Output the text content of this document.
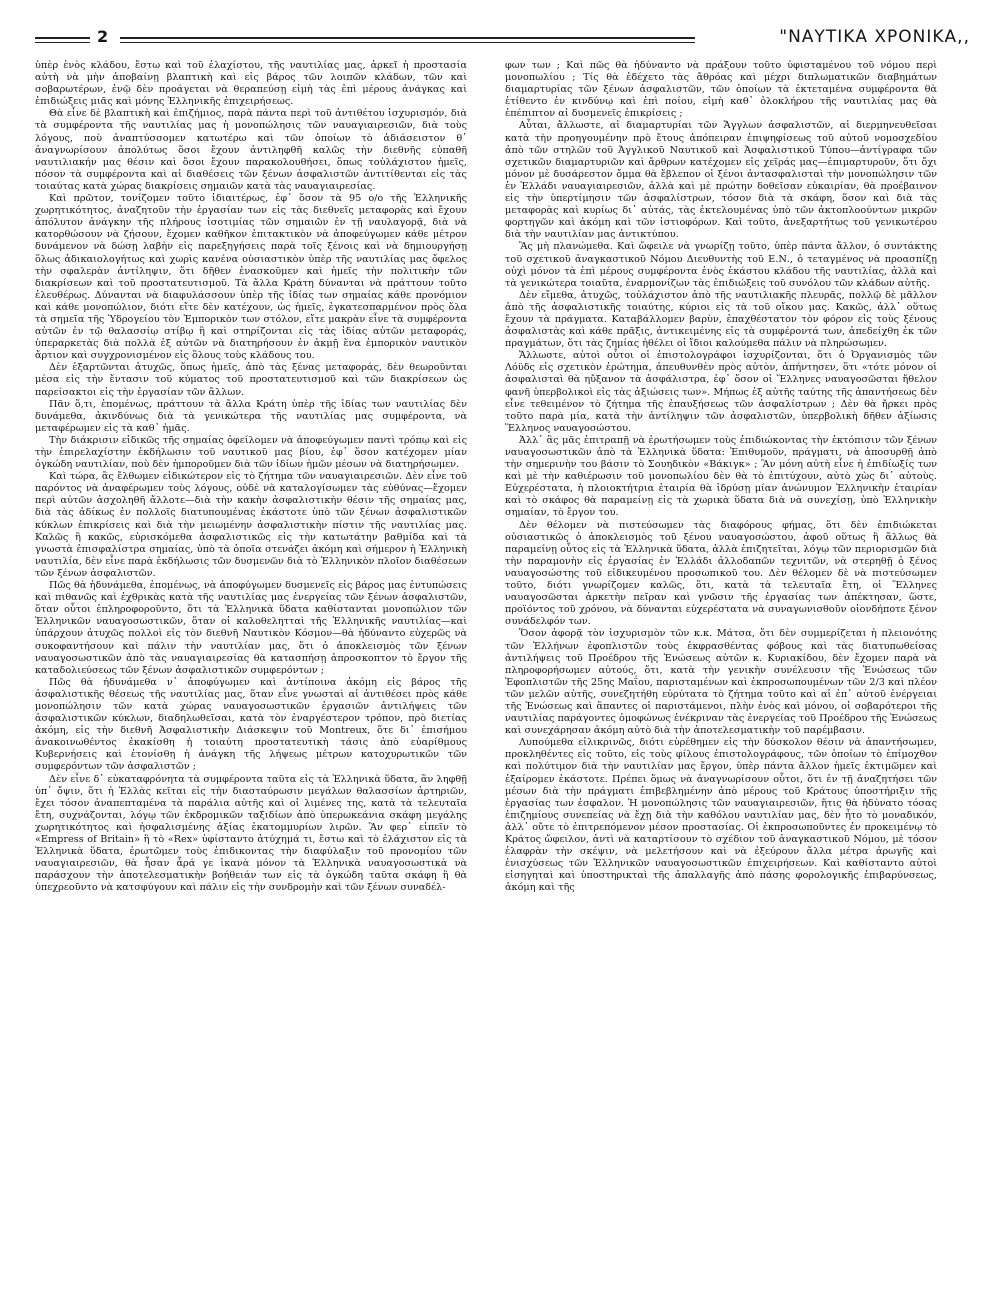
2	"ΝΑΥΤΙΚΑ ΧΡΟΝΙΚΑ,,

ὑπὲρ ἑνὸς κλάδου, ἔστω καὶ τοῦ ἐλαχίστου, τῆς ναυτιλίας μας, ἀρκεῖ ἡ προστασία αὐτὴ νὰ μὴν ἀποβαίνῃ βλαπτικὴ καὶ εἰς βάρος τῶν λοιπῶν κλάδων, τῶν καὶ σοβαρωτέρων, ἐνῷ δὲν προάγεται νὰ θεραπεύσῃ εἰμὴ τὰς ἐπὶ μέρους ἀνάγκας καὶ ἐπιδιώξεις μιᾶς καὶ μόνης Ἑλληνικῆς ἐπιχειρήσεως.

Θὰ εἶνε δὲ βλαπτικὴ καὶ ἐπιζήμιος, παρὰ πάντα περὶ τοῦ ἀντιθέτου ἰσχυρισμόν, διὰ τὰ συμφέροντα τῆς ναυτιλίας μας ἡ μονοπώλησις τῶν ναυαγιαιρεσιῶν, διὰ τοὺς λόγους, ποὺ ἀναπτύσσομεν κατωτέρω καὶ τῶν ὁποίων τὸ ἀδιάσειστον θ᾽ ἀναγνωρίσουν ἀπολύτως ὅσοι ἔχουν ἀντιληφθῆ καλῶς τὴν διεθνῆς εὐπαθῆ ναυτιλιακήν μας θέσιν καὶ ὅσοι ἔχουν παρακολουθήσει, ὅπως τοὐλάχιστον ἡμεῖς, πόσον τὰ συμφέροντα καὶ αἱ διαθέσεις τῶν ξένων ἀσφαλιστῶν ἀντιτίθενται εἰς τὰς τοιαύτας κατὰ χώρας διακρίσεις σημαιῶν κατὰ τὰς ναυαγιαιρεσίας.

Καὶ πρῶτον, τονίζομεν τοῦτο ἰδιαιτέρως, ἐφ᾽ ὅσον τὰ 95 ο/ο τῆς Ἑλληνικῆς χωρητικότητος, ἀναζητοῦν τὴν ἐργασίαν των εἰς τὰς διεθνεῖς μεταφορὰς καὶ ἔχουν ἀπόλυτον ἀνάγκην τῆς πλήρους ἰσοτιμίας τῶν σημαιῶν ἐν τῇ ναυλαγορᾷ, διὰ νὰ κατορθώσουν νὰ ζήσουν, ἔχομεν καθῆκον ἐπιτακτικὸν νὰ ἀποφεύγωμεν κάθε μέτρον δυνάμενον νὰ δώσῃ λαβὴν εἰς παρεξηγήσεις παρὰ τοῖς ξένοις καὶ νὰ δημιουργήσῃ ὅλως ἀδικαιολογήτως καὶ χωρὶς κανένα οὐσιαστικὸν ὑπὲρ τῆς ναυτιλίας μας ὄφελος τὴν σφαλερὰν ἀντίληψιν, ὅτι δῆθεν ἐνασκοῦμεν καὶ ἡμεῖς τὴν πολιτικὴν τῶν διακρίσεων καὶ τοῦ προστατευτισμοῦ. Τὰ ἄλλα Κράτη δύνανται νὰ πράττουν τοῦτο ἐλευθέρως. Δύνανται νὰ διαφυλάσσουν ὑπὲρ τῆς ἰδίας των σημαίας κάθε προνόμιον καὶ κάθε μονοπώλιον, διότι εἴτε δὲν κατέχουν, ὡς ἡμεῖς, ἐγκατεσπαρμένον πρὸς ὅλα τὰ σημεῖα τῆς Ὑδρογείου τὸν Ἐμπορικὸν των στόλον, εἴτε μακρὰν εἶνε τὰ συμφέροντα αὐτῶν ἐν τῷ θαλασσίῳ στίβῳ ἢ καὶ στηρίζονται εἰς τὰς ἰδίας αὐτῶν μεταφοράς, ὑπεραρκετὰς διὰ πολλὰ ἐξ αὐτῶν νὰ διατηρήσουν ἐν ἀκμῇ ἕνα ἐμπορικὸν ναυτικὸν ἄρτιον καὶ συγχρονισμένον εἰς ὅλους τοὺς κλάδους του.

Δὲν ἐξαρτῶνται ἀτυχῶς, ὅπως ἡμεῖς, ἀπὸ τὰς ξένας μεταφοράς, δὲν θεωροῦνται μέσα εἰς τὴν ἔντασιν τοῦ κύματος τοῦ προστατευτισμοῦ καὶ τῶν διακρίσεων ὡς παρείσακτοι εἰς τὴν ἐργασίαν τῶν ἄλλων.

Πᾶν ὅ,τι, ἑπομένως, πράττουν τὰ ἄλλα Κράτη ὑπὲρ τῆς ἰδίας των ναυτιλίας δὲν δυνάμεθα, ἀκινδύνως διὰ τὰ γενικώτερα τῆς ναυτιλίας μας συμφέροντα, νὰ μεταφέρωμεν εἰς τὰ καθ᾽ ἡμᾶς.

Τὴν διάκρισιν εἰδικῶς τῆς σημαίας ὀφείλομεν νὰ ἀποφεύγωμεν παντὶ τρόπῳ καὶ εἰς τὴν ἐπιρελαχίστην ἐκδήλωσιν τοῦ ναυτικοῦ μας βίου, ἐφ᾽ ὅσον κατέχομεν μίαν ὀγκώδη ναυτιλίαν, ποὺ δὲν ἠμποροῦμεν διὰ τῶν ἰδίων ἡμῶν μέσων νὰ διατηρήσωμεν.

Καὶ τώρα, ἂς ἔλθωμεν εἰδικώτερον εἰς τὸ ζήτημα τῶν ναυαγιαιρεσιῶν. Δὲν εἶνε τοῦ παρόντος νὰ ἀναφέρωμεν τοὺς λόγους, οὐδὲ νὰ καταλογίσωμεν τὰς εὐθύνας—ἔχομεν περὶ αὐτῶν ἀσχοληθῆ ἄλλοτε—διὰ τὴν κακὴν ἀσφαλιστικὴν θέσιν τῆς σημαίας μας, διὰ τὰς ἀδίκως ἐν πολλοῖς διατυπουμένας ἑκάστοτε ὑπὸ τῶν ξένων ἀσφαλιστικῶν κύκλων ἐπικρίσεις καὶ διὰ τὴν μειωμένην ἀσφαλιστικὴν πίστιν τῆς ναυτιλίας μας. Καλῶς ἢ κακῶς, εὑρισκόμεθα ἀσφαλιστικῶς εἰς τὴν κατωτάτην βαθμίδα καὶ τὰ γνωστὰ ἐπισφαλίστρα σημαίας, ὑπὸ τὰ ὁποῖα στενάζει ἀκόμη καὶ σήμερον ἡ Ἑλληνικὴ ναυτιλία, δὲν εἶνε παρὰ ἐκδήλωσις τῶν δυσμενῶν διὰ τὸ Ἑλληνικὸν πλοῖον διαθέσεων τῶν ξένων ἀσφαλιστῶν.

Πῶς θὰ ἠδυνάμεθα, ἑπομένως, νὰ ἀποφύγωμεν δυσμενεῖς εἰς βάρος μας ἐντυπώσεις καὶ πιθανῶς καὶ ἐχθρικὰς κατὰ τῆς ναυτιλίας μας ἐνεργείας τῶν ξένων ἀσφαλιστῶν, ὅταν οὗτοι ἐπληροφοροῦντο, ὅτι τὰ Ἑλληνικὰ ὕδατα καθίστανται μονοπώλιον τῶν Ἑλληνικῶν ναυαγοσωστικῶν, ὅταν οἱ καλοθελητταὶ τῆς Ἑλληνικῆς ναυτιλίας—καὶ ὑπάρχουν ἀτυχῶς πολλοὶ εἰς τὸν διεθνῆ Ναυτικὸν Κόσμον—θὰ ἠδύναντο εὐχερῶς νὰ συκοφαντήσουν καὶ πάλιν τὴν ναυτιλίαν μας, ὅτι ὁ ἀποκλεισμὸς τῶν ξένων ναυαγοσωστικῶν ἀπὸ τὰς ναυαγιαιρεσίας θὰ κατασπήσῃ ἀπροσκοπτον τὸ ἔργον τῆς καταδολιεύσεως τῶν ξένων ἀσφαλιστικῶν συμφερόντων ;

Πῶς θὰ ἠδυνάμεθα ν᾽ ἀποφύγωμεν καὶ ἀντίποινα ἀκόμη εἰς βάρος τῆς ἀσφαλιστικῆς θέσεως τῆς ναυτιλίας μας, ὅταν εἶνε γνωσταὶ αἱ ἀντιθέσει πρὸς κάθε μονοπώλησιν τῶν κατὰ χώρας ναυαγοσωστικῶν ἐργασιῶν ἀντιλήψεις τῶν ἀσφαλιστικῶν κύκλων, διαδηλωθεῖσαι, κατὰ τὸν ἐναργέστερον τρόπον, πρὸ διετίας ἀκόμη, εἰς τὴν διεθνῆ Ἀσφαλιστικὴν Διάσκεψιν τοῦ Montreux, ὅτε δι᾽ ἐπισήμου ἀνακοινωθέντος ἐκακίσθη ἡ τοιαύτη προστατευτικὴ τάσις ἀπὸ εὐαρίθμους Κυβερνήσεις καὶ ἐτονίσθη ἡ ἀνάγκη τῆς λήψεως μέτρων κατοχυρωτικῶν τῶν συμφερόντων τῶν ἀσφαλιστῶν ;

Δὲν εἶνε δ᾽ εὐκαταφρόνητα τὰ συμφέροντα ταῦτα εἰς τὰ Ἑλληνικὰ ὕδατα, ἂν ληφθῇ ὑπ᾽ ὄψιν, ὅτι ἡ Ἑλλὰς κεῖται εἰς τὴν διασταύρωσιν μεγάλων θαλασσίων ἀρτηριῶν, ἔχει τόσον ἀναπεπταμένα τὰ παράλια αὐτῆς καὶ οἱ λιμένες της, κατὰ τὰ τελευταῖα ἔτη, συχνάζονται, λόγῳ τῶν ἐκδρομικῶν ταξιδίων ἀπὸ ὑπερωκεάνια σκάφη μεγάλης χωρητικότητος καὶ ἠσφαλισμένης ἀξίας ἑκατομμυρίων λιρῶν. Ἂν φερ᾽ εἰπεῖν τὸ «Empress of Britain» ἢ τὸ «Rex» ὑφίσταντο ἀτύχημά τι, ἔστω καὶ τὸ ἐλάχιστον εἰς τὰ Ἑλληνικὰ ὕδατα, ἐρωτῶμεν τοὺς ἐπιδικοντας τὴν διαφύλαξιν τοῦ προνομίου τῶν ναυαγιαιρεσιῶν, θὰ ἦσαν ἆρά γε ἱκανὰ μόνον τὰ Ἑλληνικὰ ναυαγοσωστικὰ νὰ παράσχουν τὴν ἀποτελεσματικὴν βοήθειάν των εἰς τὰ ὀγκώδη ταῦτα σκάφη ἢ θὰ ὑπεχρεοῦντο νὰ κατσφύγουν καὶ πάλιν εἰς τὴν συνδρομὴν καὶ τῶν ξένων συναδέλ-

φων των ; Καὶ πῶς θὰ ἠδύναντο νὰ πράξουν τοῦτο ὑφισταμένου τοῦ νόμου περὶ μονοπωλίου ; Τίς θὰ ἐδέχετο τὰς ἄθρόας καὶ μέχρι διπλωματικῶν διαβημάτων διαμαρτυρίας τῶν ξένων ἀσφαλιστῶν, τῶν ὁποίων τὰ ἐκτεταμένα συμφέροντα θὰ ἐτίθεντο ἐν κινδύνῳ καὶ ἐπὶ ποίου, εἰμὴ καθ᾽ ὁλοκλήρου τῆς ναυτιλίας μας θὰ ἐπέπιπτον αἱ δυσμενεῖς ἐπικρίσεις ;

Αὗται, ἄλλωστε, αἱ διαμαρτυρίαι τῶν Ἄγγλων ἀσφαλιστῶν, αἱ διερμηνευθεῖσαι κατὰ τὴν προηγουμένην πρὸ ἔτους ἀπόπειραν ἐπιψηφίσεως τοῦ αὐτοῦ νομοσχεδίου ἀπὸ τῶν στηλῶν τοῦ Ἀγγλικοῦ Ναυτικοῦ καὶ Ἀσφαλιστικοῦ Τύπου—ἀντίγραφα τῶν σχετικῶν διαμαρτυριῶν καὶ ἄρθρων κατέχομεν εἰς χεῖράς μας—ἐπιμαρτυροῦν, ὅτι ὄχι μόνον μὲ δυσάρεστον ὄμμα θὰ ἔβλεπον οἱ ξένοι ἀντασφαλισταὶ τὴν μονοπώλησιν τῶν ἐν Ἑλλάδι ναυαγιαιρεσιῶν, ἀλλὰ καὶ μὲ πρώτην δοθεῖσαν εὐκαιρίαν, θὰ προέβαινον εἰς τὴν ὑπερτίμησιν τῶν ἀσφαλίστρων, τόσον διὰ τὰ σκάφη, ὅσον καὶ διὰ τὰς μεταφορὰς καὶ κυρίως δι᾽ αὐτάς, τὰς ἐκτελουμένας ὑπὸ τῶν ἀκτοπλοούντων μικρῶν φορτηγῶν καὶ ἀκόμη καὶ τῶν ἱστιοφόρων. Καὶ τοῦτο, ἀνεξαρτήτως τοῦ γενικωτέρου διὰ τὴν ναυτιλίαν μας ἀντικτύπου.

Ἂς μὴ πλανώμεθα. Καὶ ὤφειλε νὰ γνωρίζῃ τοῦτο, ὑπὲρ πάντα ἄλλον, ὁ συντάκτης τοῦ σχετικοῦ ἀναγκαστικοῦ Νόμου Διευθυντὴς τοῦ Ε.Ν., ὁ τεταγμένος νὰ προασπίζῃ οὐχὶ μόνον τὰ ἐπὶ μέρους συμφέροντα ἑνὸς ἑκάστου κλάδου τῆς ναυτιλίας, ἀλλὰ καὶ τὰ γενικώτερα τοιαῦτα, ἐναρμονίζων τὰς ἐπιδιώξεις τοῦ συνόλου τῶν κλάδων αὐτῆς.

Δὲν εἴμεθα, ἀτυχῶς, τοὐλάχιστον ἀπὸ τῆς ναυτιλιακῆς πλευρᾶς, πολλῷ δὲ μᾶλλον ἀπὸ τῆς ἀσφαλιστικῆς τοιαύτης, κύριοι εἰς τὰ τοῦ οἴκου μας. Κακῶς, ἀλλ᾽ οὕτως ἔχουν τὰ πράγματα. Καταβάλλομεν βαρὺν, ἐπαχθέστατον τὸν φόρον εἰς τοὺς ξένους ἀσφαλιστὰς καὶ κάθε πρᾶξις, ἀντικειμένης εἰς τὰ συμφέροντά των, ἀπεδείχθη ἐκ τῶν πραγμάτων, ὅτι τὰς ζημίας ἠθέλει οἱ ἴδιοι καλούμεθα πάλιν νὰ πληρώσωμεν.

Ἄλλωστε, αὐτοὶ οὗτοι οἱ ἐπιστολογράφοι ἰσχυρίζονται, ὅτι ὁ Ὀργανισμὸς τῶν Λόϋδς εἰς σχετικὸν ἐρώτημα, ἀπευθυνθὲν πρὸς αὐτὸν, ἀπήντησεν, ὅτι «τότε μόνον οἱ ἀσφαλισταὶ θὰ ηὔξανον τὰ ἀσφάλιστρα, ἐφ᾽ ὅσον οἱ Ἕλληνες ναυαγοσῶσται ἤθελον φανῆ ὑπερβολικοὶ εἰς τὰς ἀξιώσεις των». Μήπως ἐξ αὐτῆς ταύτης τῆς ἀπαντήσεως δὲν εἶνε τεθειμένον τὸ ζήτημα τῆς ἐπαυξήσεως τῶν ἀσφαλίστρων ; Δὲν θὰ ἤρκει πρὸς τοῦτο παρὰ μία, κατὰ τὴν ἀντίληψιν τῶν ἀσφαλιστῶν, ὑπερβολικὴ δῆθεν ἀξίωσις Ἕλληνος ναυαγοσώστου.

Ἀλλ᾽ ἂς μᾶς ἐπιτραπῇ νὰ ἐρωτήσωμεν τοὺς ἐπιδιώκοντας τὴν ἐκτόπισιν τῶν ξένων ναυαγοσωστικῶν ἀπὸ τὰ Ἑλληνικὰ ὕδατα: Ἐπιθυμοῦν, πράγματι, νὰ ἀποσυρθῇ ἀπὸ τὴν σημερινὴν του βάσιν τὸ Σουηδικὸν «Βάκιγκ» ; Ἂν μόνη αὐτὴ εἶνε ἡ ἐπιδίωξίς των καὶ μὲ τὴν καθιέρωσιν τοῦ μονοπωλίου δὲν θὰ τὸ ἐπιτύχουν, αὐτὸ χὼς δι᾽ αὐτοὺς. Εὐχερέστατα, ἡ πλοιοκτήτρια ἑταιρία θὰ ἱδρύσῃ μίαν ἀνώνυμον Ἑλληνικὴν ἑταιρίαν καὶ τὸ σκάφος θὰ παραμείνῃ εἰς τὰ χωρικὰ ὕδατα διὰ νὰ συνεχίσῃ, ὑπὸ Ἑλληνικὴν σημαίαν, τὸ ἔργον του.

Δὲν θέλομεν νὰ πιστεύσωμεν τὰς διαφόρους φήμας, ὅτι δὲν ἐπιδιώκεται οὐσιαστικῶς ὁ ἀποκλεισμὸς τοῦ ξένου ναυαγοσώστου, ἀφοῦ οὕτως ἢ ἄλλως θὰ παραμείνῃ οὗτος εἰς τὰ Ἑλληνικὰ ὕδατα, ἀλλὰ ἐπιζητεῖται, λόγῳ τῶν περιορισμῶν διὰ τὴν παραμονὴν εἰς ἐργασίας ἐν Ἑλλάδι ἀλλοδαπῶν τεχνιτῶν, νὰ στερηθῇ ὁ ξένος ναυαγοσώστης τοῦ εἰδικευμένου προσωπικοῦ του. Δὲν θέλομεν δὲ νὰ πιστεύσωμεν τοῦτο, διότι γνωρίζομεν καλῶς, ὅτι, κατὰ τὰ τελευταῖα ἔτη, οἱ Ἕλληνες ναυαγοσῶσται ἀρκετὴν πεῖραν καὶ γνῶσιν τῆς ἐργασίας των ἀπέκτησαν, ὥστε, προϊόντος τοῦ χρόνου, νὰ δύνανται εὐχερέστατα νὰ συναγωνισθοῦν οἱονδήποτε ξένον συνάδελφόν των.

Ὅσον ἀφορᾷ τὸν ἰσχυρισμὸν τῶν κ.κ. Μάτσα, ὅτι δὲν συμμερίζεται ἡ πλειονότης τῶν Ἑλλήνων ἐφοπλιστῶν τοὺς ἐκφρασθέντας φόβους καὶ τὰς διατυπωθείσας ἀντιλήψεις τοῦ Προέδρου τῆς Ἑνώσεως αὐτῶν κ. Κυριακίδου, δὲν ἔχομεν παρὰ νὰ πληροφορήσωμεν αὐτούς, ὅτι, κατὰ τὴν γενικὴν συνέλευσιν τῆς Ἑνώσεως τῶν Ἐφοπλιστῶν τῆς 25ης Μαΐου, παρισταμένων καὶ ἐκπροσωπουμένων τῶν 2/3 καὶ πλέον τῶν μελῶν αὐτῆς, συνεζητήθη εὐρύτατα τὸ ζήτημα τοῦτο καὶ αἱ ἐπ᾽ αὐτοῦ ἐνέργειαι τῆς Ἑνώσεως καὶ ἅπαντες οἱ παριστάμενοι, πλὴν ἑνὸς καὶ μόνου, οἱ σοβαρότεροι τῆς ναυτιλίας παράγοντες ὁμοφώνως ἐνέκριναν τὰς ἐνεργείας τοῦ Προέδρου τῆς Ἑνώσεως καὶ συνεχάρησαν ἀκόμη αὐτὸ διὰ τὴν ἀποτελεσματικὴν τοῦ παρέμβασιν.

Λυπούμεθα εἰλικρινῶς, διότι εὑρέθημεν εἰς τὴν δύσκολον θέσιν νὰ ἀπαντήσωμεν, προκληθέντες εἰς τοῦτο, εἰς τοὺς φίλους ἐπιστολογράφους, τῶν ὁποίων τὸ ἐπίμοχθον καὶ πολύτιμον διὰ τὴν ναυτιλίαν μας ἔργον, ὑπὲρ πάντα ἄλλον ἡμεῖς ἐκτιμῶμεν καὶ ἐξαίρομεν ἑκάστοτε. Πρέπει ὅμως νὰ ἀναγνωρίσουν οὗτοι, ὅτι ἐν τῇ ἀναζητήσει τῶν μέσων διὰ τὴν πράγματι ἐπιβεβλημένην ἀπὸ μέρους τοῦ Κράτους ὑποστήριξιν τῆς ἐργασίας των ἐσφαλον. Ἡ μονοπώλησις τῶν ναυαγιαιρεσιῶν, ἥτις θὰ ἠδύνατο τόσας ἐπιζημίους συνεπείας νὰ ἔχῃ διὰ τὴν καθόλου ναυτιλίαν μας, δὲν ἦτο τὸ μοναδικόν, ἀλλ᾽ οὔτε τὸ ἐπιτρεπόμενον μέσον προστασίας. Οἱ ἐκπροσωποῦντες ἐν προκειμένῳ τὸ Κράτος ὤφειλον, ἀντὶ νὰ καταρτίσουν τὸ σχέδιον τοῦ ἀναγκαστικοῦ Νόμου, μὲ τόσον ἐλαφρὰν τὴν σκέψιν, νὰ μελετήσουν καὶ νὰ ἐξεύρουν ἄλλα μέτρα ἀρωγῆς καὶ ἐνισχύσεως τῶν Ἑλληνικῶν ναυαγοσωστικῶν ἐπιχειρήσεων. Καὶ καθίσταντο αὐτοὶ εἰσηγηταὶ καὶ ὑποστηρικταὶ τῆς ἀπαλλαγῆς ἀπὸ πάσης φορολογικῆς ἐπιβαρύνσεως, ἀκόμη καὶ τῆς
